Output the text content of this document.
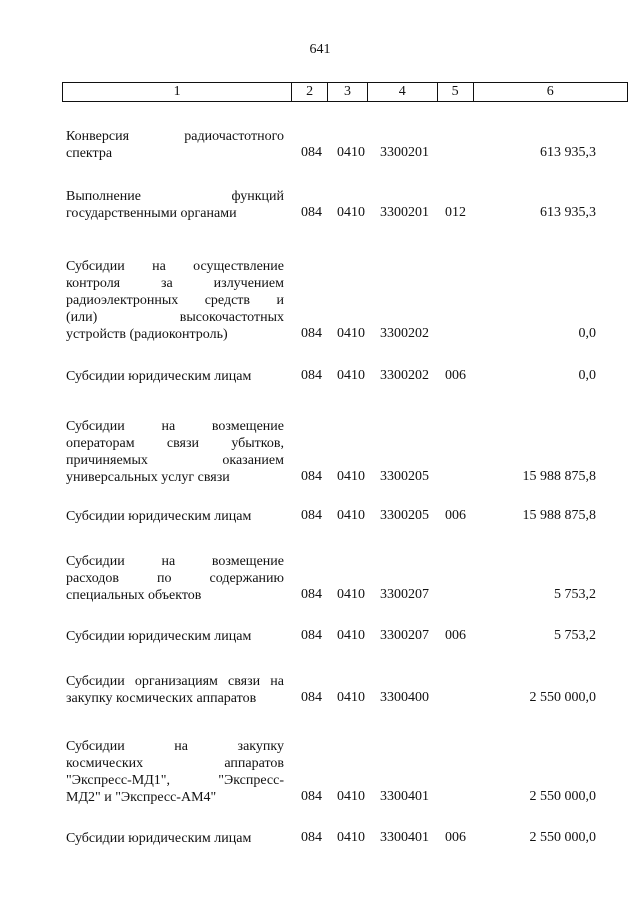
641
1	2	3	4	5	6
Конверсия радиочастотного
спектра	084 0410 3300201	613 935,3
Выполнение функций
государственными органами	084 0410 3300201 012	613 935,3
Субсидии на осуществление
контроля за излучением
радиоэлектронных средств и
(или) высокочастотных
устройств (радиоконтроль)	084 0410 3300202	0,0
Субсидии юридическим лицам	084 0410 3300202 006	0,0
Субсидии на возмещение
операторам связи убытков,
причиняемых оказанием
универсальных услуг связи	084 0410 3300205	15 988 875,8
Субсидии юридическим лицам	084 0410 3300205 006	15 988 875,8
Субсидии на возмещение
расходов по содержанию
специальных объектов	084 0410 3300207	5 753,2
Субсидии юридическим лицам	084 0410 3300207 006	5 753,2
Субсидии организациям связи на
закупку космических аппаратов	084 0410 3300400	2 550 000,0
Субсидии на закупку
космических аппаратов
"Экспресс-МД1", "Экспресс-
МД2" и "Экспресс-АМ4"	084 0410 3300401	2 550 000,0
Субсидии юридическим лицам	084 0410 3300401 006	2 550 000,0
